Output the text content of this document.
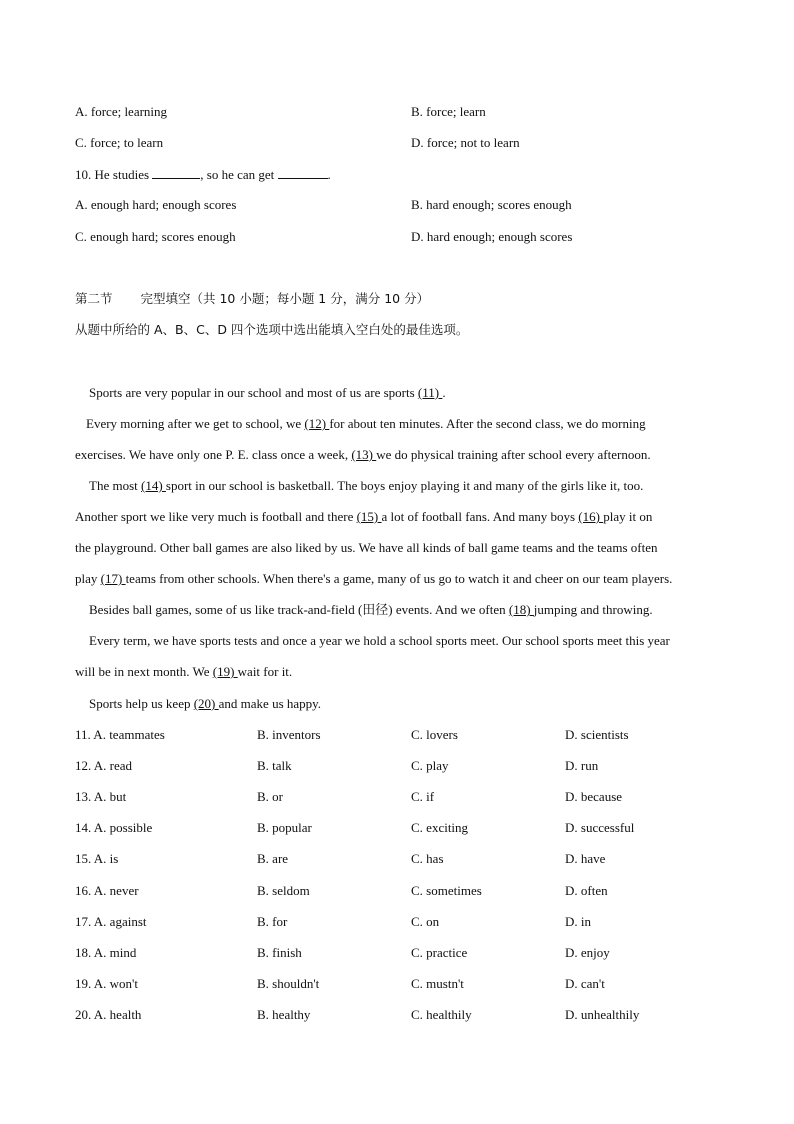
A. force; learning	B. force; learn
C. force; to learn	D. force; not to learn
10. He studies	, so he can get	.
A. enough hard; enough scores	B. hard enough; scores enough
C. enough hard; scores enough	D. hard enough; enough scores
第二节 完型填空（共 10 小题；每小题 1 分，满分 10 分）
从题中所给的 A、B、C、D 四个选项中选出能填入空白处的最佳选项。
Sports are very popular in our school and most of us are sports (11) .
Every morning after we get to school, we (12) for about ten minutes. After the second class, we do morning
exercises. We have only one P. E. class once a week, (13) we do physical training after school every afternoon.
The most (14) sport in our school is basketball. The boys enjoy playing it and many of the girls like it, too.
Another sport we like very much is football and there (15) a lot of football fans. And many boys (16) play it on
the playground. Other ball games are also liked by us. We have all kinds of ball game teams and the teams often
play (17) teams from other schools. When there's a game, many of us go to watch it and cheer on our team players.
Besides ball games, some of us like track-and-field (田径) events. And we often (18) jumping and throwing.
Every term, we have sports tests and once a year we hold a school sports meet. Our school sports meet this year
will be in next month. We (19) wait for it.
Sports help us keep (20) and make us happy.
11. A. teammates	B. inventors	C. lovers	D. scientists
12. A. read	B. talk	C. play	D. run
13. A. but	B. or	C. if	D. because
14. A. possible	B. popular	C. exciting	D. successful
15. A. is	B. are	C. has	D. have
16. A. never	B. seldom	C. sometimes	D. often
17. A. against	B. for	C. on	D. in
18. A. mind	B. finish	C. practice	D. enjoy
19. A. won't	B. shouldn't	C. mustn't	D. can't
20. A. health	B. healthy	C. healthily	D. unhealthily
